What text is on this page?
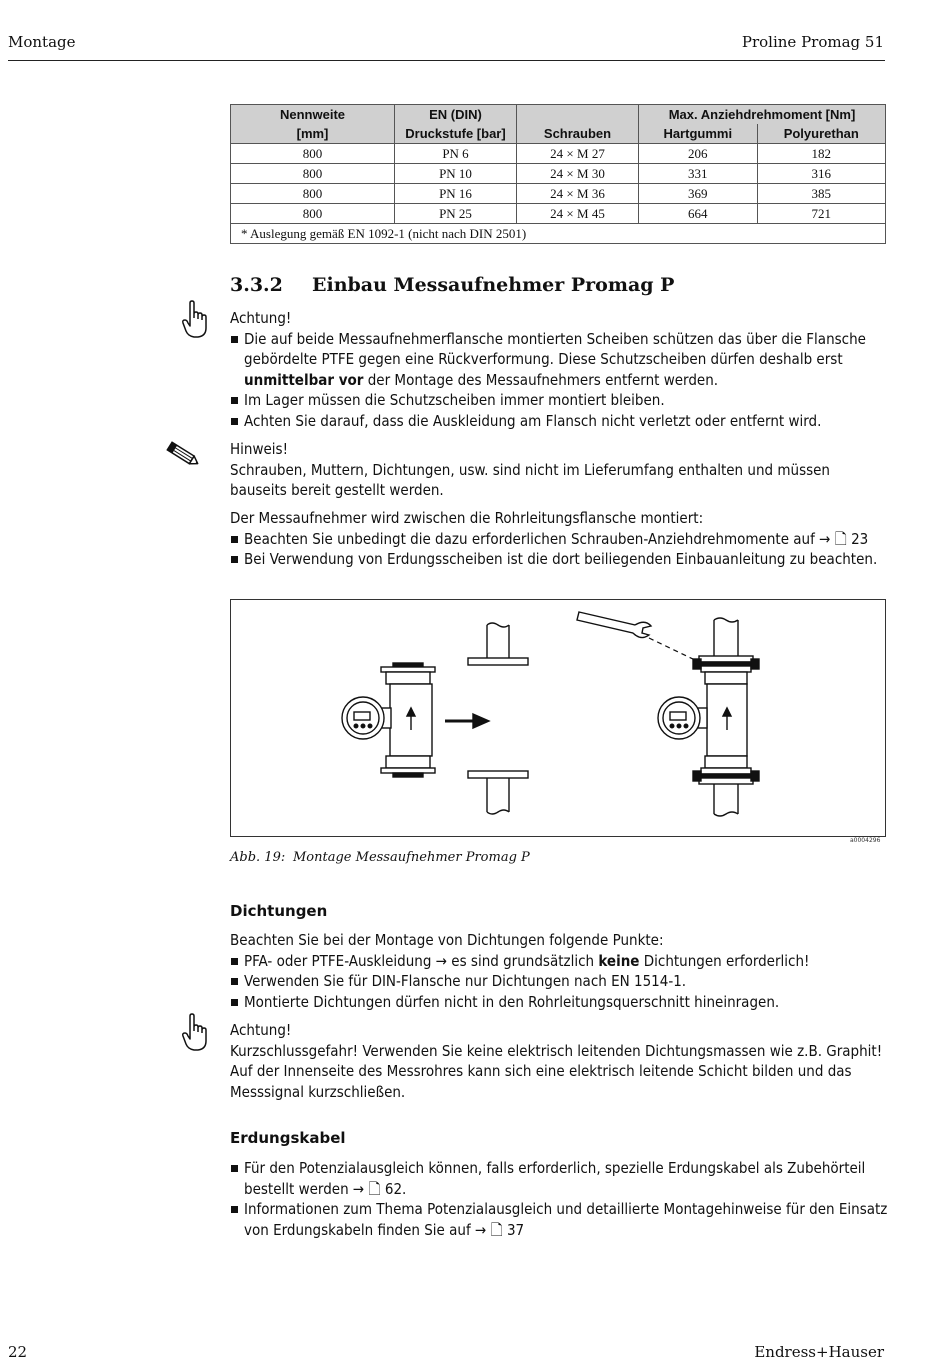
Montage	Proline Promag 51
Nennweite	EN (DIN)		Max. Anziehdrehmoment [Nm]	
[mm]	Druckstufe [bar]	Schrauben	Hartgummi	Polyurethan
800	PN 6	24 × M 27	206	182
800	PN 10	24 × M 30	331	316
800	PN 16	24 × M 36	369	385
800	PN 25	24 × M 45	664	721
* Auslegung gemäß EN 1092-1 (nicht nach DIN 2501)				
3.3.2 Einbau Messaufnehmer Promag P

Achtung!

Die auf beide Messaufnehmerflansche montierten Scheiben schützen das über die Flansche gebördelte PTFE gegen eine Rückverformung. Diese Schutzscheiben dürfen deshalb erst unmittelbar vor der Montage des Messaufnehmers entfernt werden.
Im Lager müssen die Schutzscheiben immer montiert bleiben.
Achten Sie darauf, dass die Auskleidung am Flansch nicht verletzt oder entfernt wird.

Hinweis!

Schrauben, Muttern, Dichtungen, usw. sind nicht im Lieferumfang enthalten und müssen bauseits bereit gestellt werden.

Der Messaufnehmer wird zwischen die Rohrleitungsflansche montiert:

Beachten Sie unbedingt die dazu erforderlichen Schrauben-Anziehdrehmomente auf → 🗋 23
Bei Verwendung von Erdungsscheiben ist die dort beiliegenden Einbauanleitung zu beachten.
a0004296
Abb. 19: Montage Messaufnehmer Promag P
Dichtungen

Beachten Sie bei der Montage von Dichtungen folgende Punkte:

PFA- oder PTFE-Auskleidung → es sind grundsätzlich keine Dichtungen erforderlich!
Verwenden Sie für DIN-Flansche nur Dichtungen nach EN 1514-1.
Montierte Dichtungen dürfen nicht in den Rohrleitungsquerschnitt hineinragen.

Achtung!

Kurzschlussgefahr! Verwenden Sie keine elektrisch leitenden Dichtungsmassen wie z.B. Graphit! Auf der Innenseite des Messrohres kann sich eine elektrisch leitende Schicht bilden und das Messsignal kurzschließen.

Erdungskabel
Für den Potenzialausgleich können, falls erforderlich, spezielle Erdungskabel als Zubehörteil bestellt werden → 🗋 62.
Informationen zum Thema Potenzialausgleich und detaillierte Montagehinweise für den Einsatz von Erdungskabeln finden Sie auf → 🗋 37
22	Endress+Hauser
